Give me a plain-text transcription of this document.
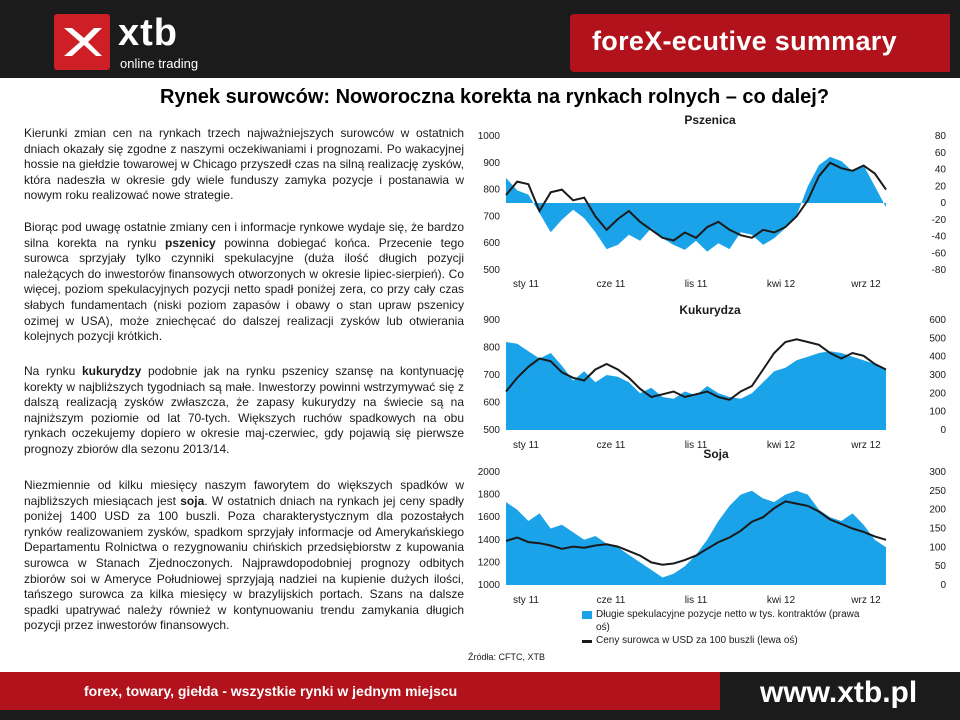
xtb
online trading
foreX-ecutive summary
Rynek surowców: Noworoczna korekta na rynkach rolnych – co dalej?

Kierunki zmian cen na rynkach trzech najważniejszych surowców w ostatnich dniach okazały się zgodne z naszymi oczekiwaniami i prognozami. Po wakacyjnej hossie na giełdzie towarowej w Chicago przyszedł czas na silną realizację zysków, która nadeszła w okresie gdy wiele funduszy zamyka pozycje i postanawia w nowym roku realizować nowe strategie.

Biorąc pod uwagę ostatnie zmiany cen i informacje rynkowe wydaje się, że bardzo silna korekta na rynku pszenicy powinna dobiegać końca. Przecenie tego surowca sprzyjały tylko czynniki spekulacyjne (duża ilość długich pozycji należących do inwestorów finansowych otworzonych w okresie lipiec-sierpień). Co więcej, poziom spekulacyjnych pozycji netto spadł poniżej zera, co przy cały czas słabych fundamentach (niski poziom zapasów i obawy o stan upraw pszenicy ozimej w USA), może zniechęcać do dalszej realizacji zysków lub otwierania kolejnych pozycji krótkich.

Na rynku kukurydzy podobnie jak na rynku pszenicy szansę na kontynuację korekty w najbliższych tygodniach są małe. Inwestorzy powinni wstrzymywać się z dalszą realizacją zysków zwłaszcza, że zapasy kukurydzy na świecie są na najniższym poziomie od lat 70-tych. Większych ruchów spadkowych na obu rynkach oczekujemy dopiero w okresie maj-czerwiec, gdy pojawią się pierwsze prognozy zbiorów dla sezonu 2013/14.

Niezmiennie od kilku miesięcy naszym faworytem do większych spadków w najbliższych miesiącach jest soja. W ostatnich dniach na rynkach jej ceny spadły poniżej 1400 USD za 100 buszli. Poza charakterystycznym dla pozostałych rynków realizowaniem zysków, spadkom sprzyjały informacje od Amerykańskiego Departamentu Rolnictwa o rezygnowaniu chińskich przedsiębiorstw z kupowania surowca w Stanach Zjednoczonych. Najprawdopodobniej prognozy odbitych zbiorów soi w Ameryce Południowej sprzyjają nadziei na kupienie dużych ilości, tańszego surowca za kilka miesięcy w brazylijskich portach. Szans na dalsze spadki upatrywać należy również w kontynuowaniu trendu zamykania długich pozycji przez inwestorów finansowych.

500
600
700
800
900
1000
-80
-60
-40
-20
0
20
40
60
80
sty 11	cze 11	lis 11	kwi 12	wrz 12
Pszenica
500
600
700
800
900
0
100
200
300
400
500
600
sty 11	cze 11	lis 11	kwi 12	wrz 12
Kukurydza
1000
1200
1400
1600
1800
2000
0
50
100
150
200
250
300
sty 11	cze 11	lis 11	kwi 12	wrz 12
Soja
Długie spekulacyjne pozycje netto w tys. kontraktów (prawa oś)
Ceny surowca w USD za 100 buszli (lewa oś)
Źródła: CFTC, XTB
forex, towary, giełda - wszystkie rynki w jednym miejscu	www.xtb.pl
